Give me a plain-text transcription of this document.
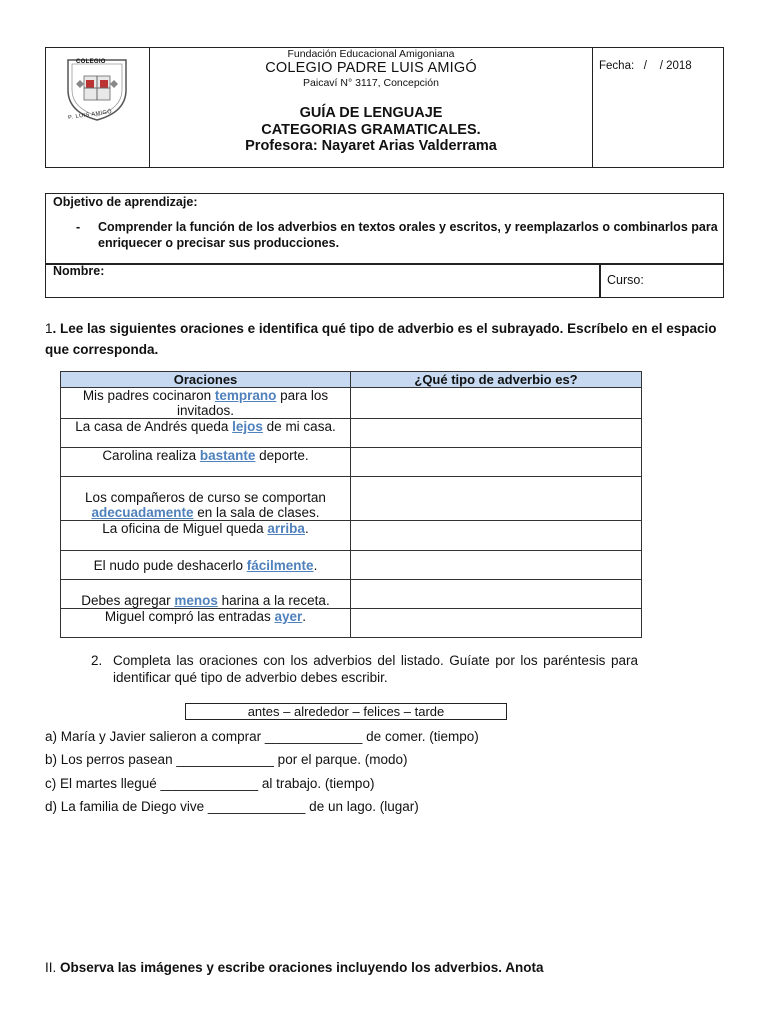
COLEGIO
P. LUIS AMIGÓ
Fundación Educacional Amigoniana
COLEGIO PADRE LUIS AMIGÓ
Paicaví N° 3117, Concepción
GUÍA DE LENGUAJE
CATEGORIAS GRAMATICALES.
Profesora: Nayaret Arias Valderrama
Fecha:   /    / 2018
Objetivo de aprendizaje:
- Comprender la función de los adverbios en textos orales y escritos, y reemplazarlos o combinarlos para enriquecer o precisar sus producciones.
Nombre:
Curso:
1. Lee las siguientes oraciones e identifica qué tipo de adverbio es el subrayado. Escríbelo en el espacio que corresponda.
Oraciones	¿Qué tipo de adverbio es?
Mis padres cocinaron temprano para los invitados.	
La casa de Andrés queda lejos de mi casa.	
Carolina realiza bastante deporte.	
Los compañeros de curso se comportan adecuadamente en la sala de clases.	
La oficina de Miguel queda arriba.	
El nudo pude deshacerlo fácilmente.	
Debes agregar menos harina a la receta.	
Miguel compró las entradas ayer.	
2. Completa las oraciones con los adverbios del listado. Guíate por los paréntesis para identificar qué tipo de adverbio debes escribir.
antes – alrededor – felices – tarde
a) María y Javier salieron a comprar _____________ de comer. (tiempo)
b) Los perros pasean _____________ por el parque. (modo)
c) El martes llegué _____________ al trabajo. (tiempo)
d) La familia de Diego vive _____________ de un lago. (lugar)
II. Observa las imágenes y escribe oraciones incluyendo los adverbios. Anota
